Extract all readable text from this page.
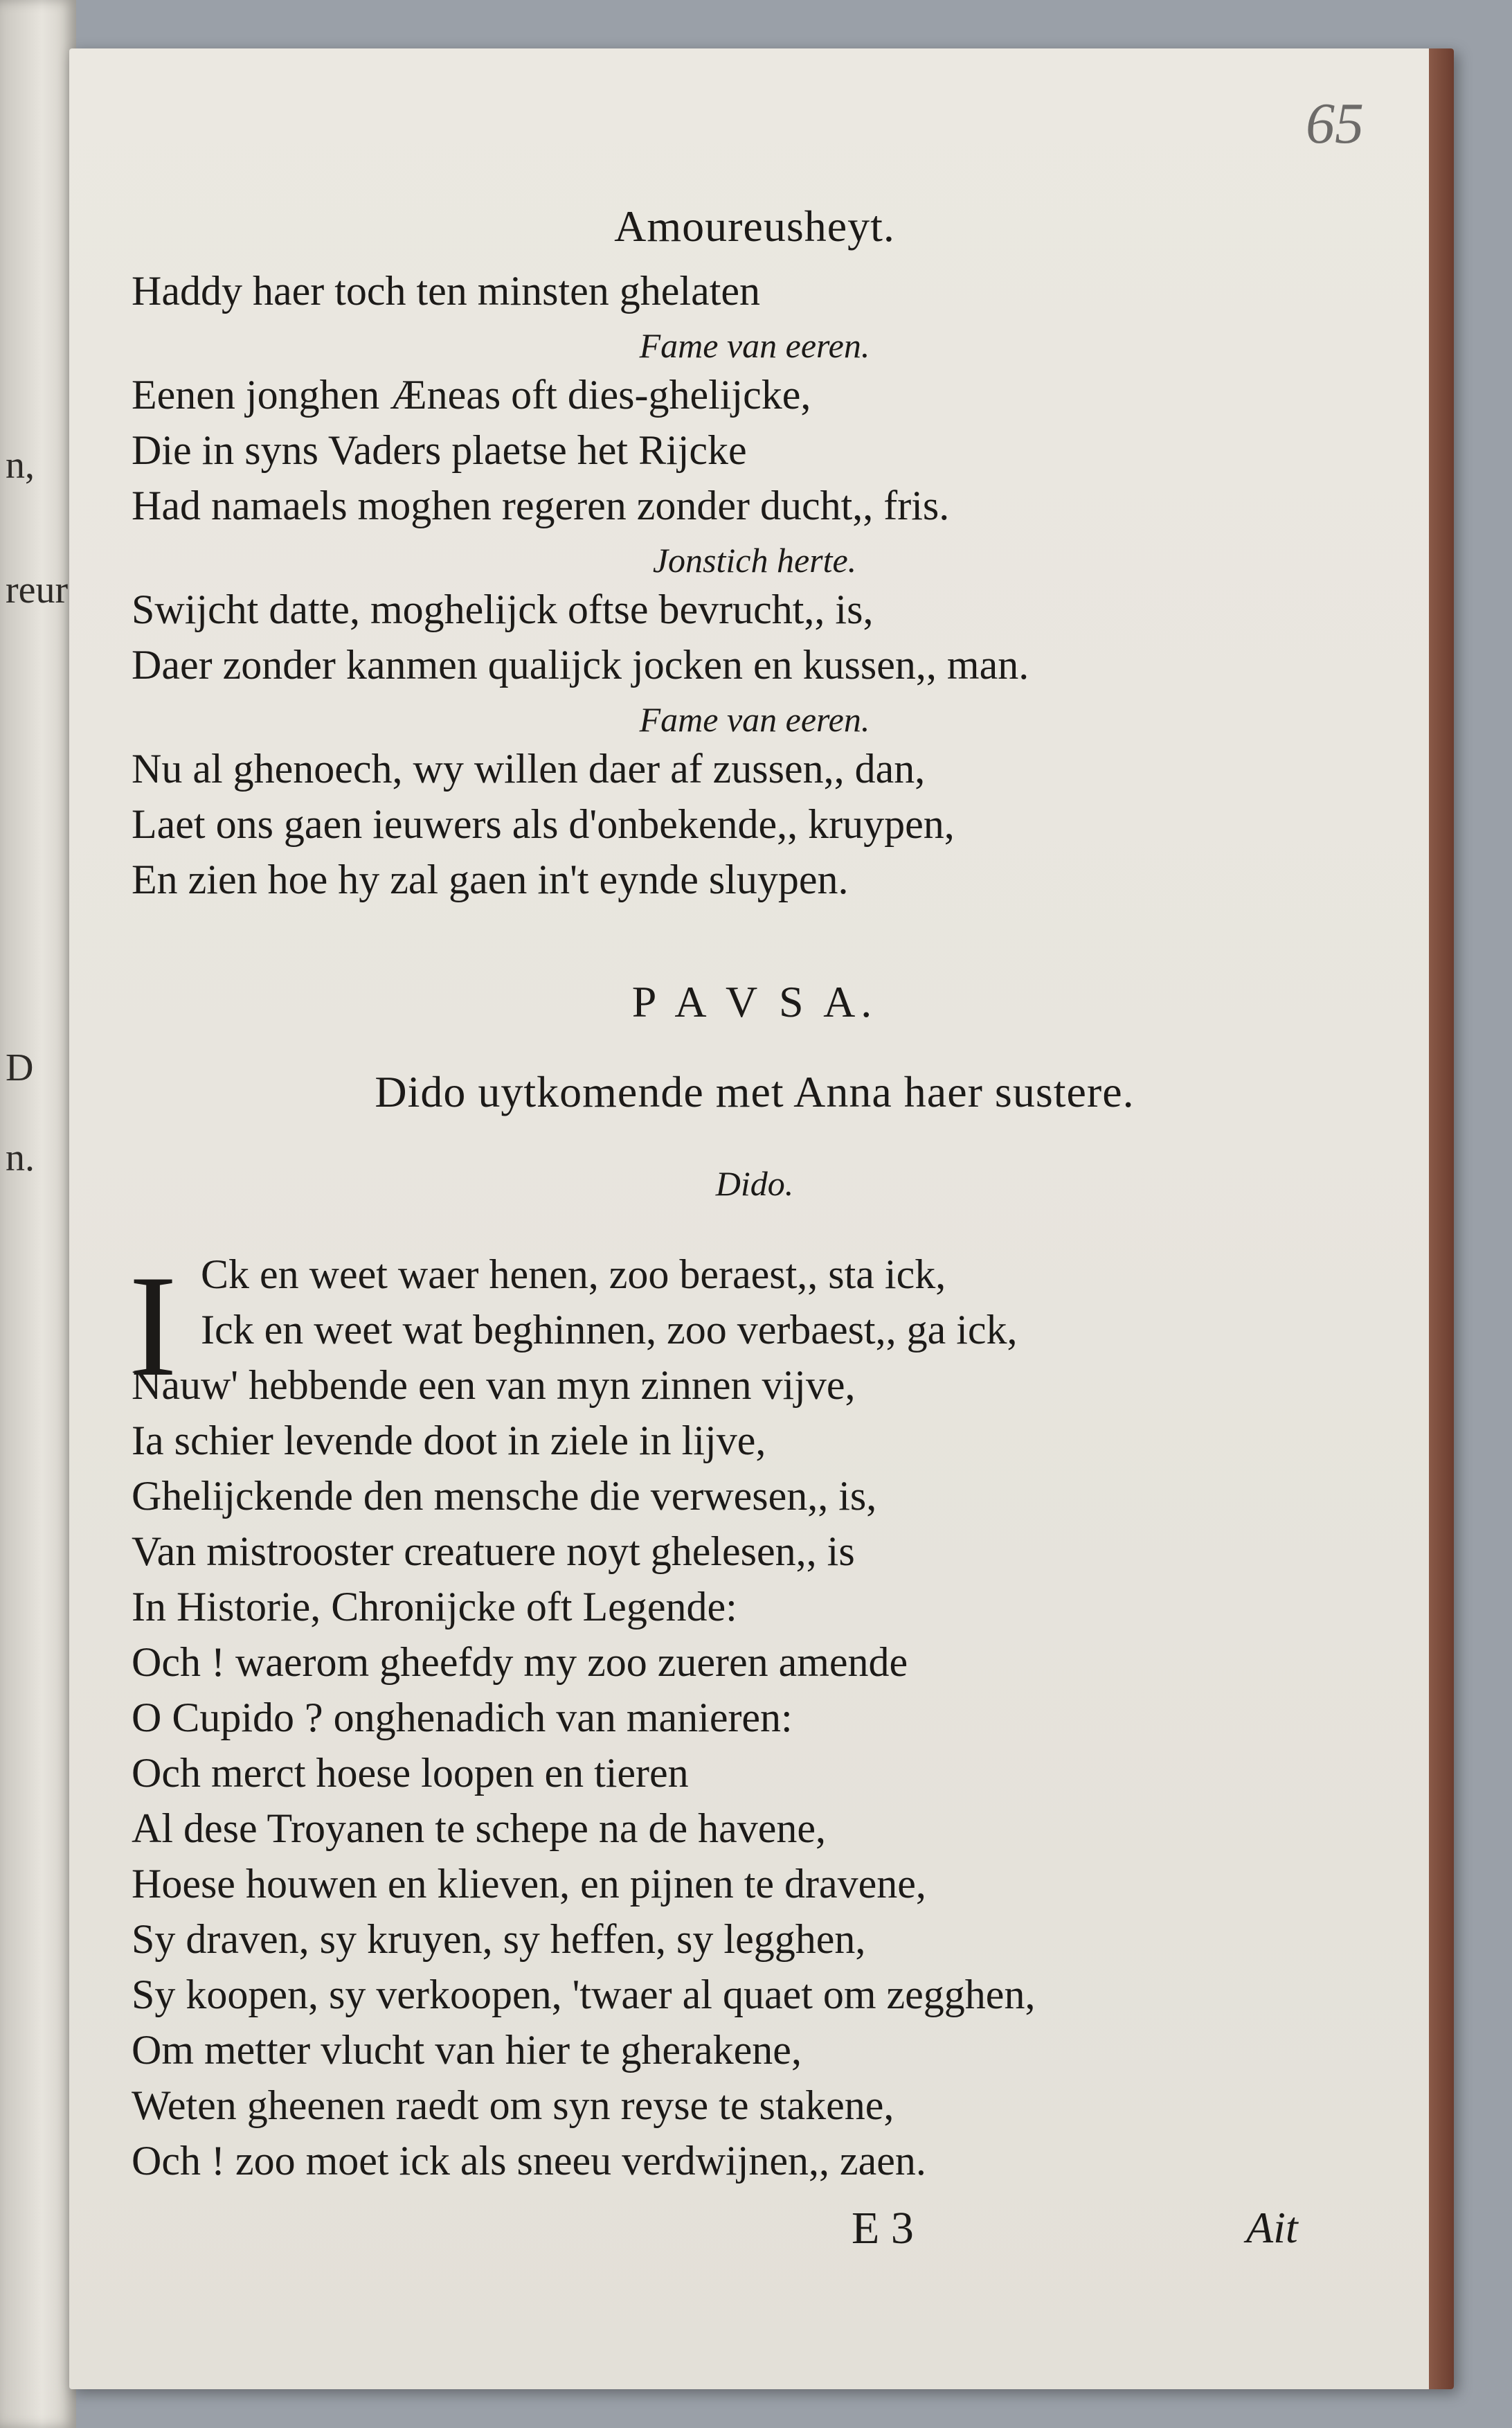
n,
reur
D
n.
65
Amoureusheyt.
Haddy haer toch ten minsten ghelaten
Fame van eeren.
Eenen jonghen Æneas oft dies-ghelijcke,
Die in syns Vaders plaetse het Rijcke
Had namaels moghen regeren zonder ducht,, fris.
Jonstich herte.
Swijcht datte, moghelijck oftse bevrucht,, is,
Daer zonder kanmen qualijck jocken en kussen,, man.
Fame van eeren.
Nu al ghenoech, wy willen daer af zussen,, dan,
Laet ons gaen ieuwers als d'onbekende,, kruypen,
En zien hoe hy zal gaen in't eynde sluypen.
P A V S A.
Dido uytkomende met Anna haer sustere.
Dido.
I Ck en weet waer henen, zoo beraest,, sta ick,
Ick en weet wat beghinnen, zoo verbaest,, ga ick,
Nauw' hebbende een van myn zinnen vijve,
Ia schier levende doot in ziele in lijve,
Ghelijckende den mensche die verwesen,, is,
Van mistrooster creatuere noyt ghelesen,, is
In Historie, Chronijcke oft Legende:
Och ! waerom gheefdy my zoo zueren amende
O Cupido ? onghenadich van manieren:
Och merct hoese loopen en tieren
Al dese Troyanen te schepe na de havene,
Hoese houwen en klieven, en pijnen te dravene,
Sy draven, sy kruyen, sy heffen, sy legghen,
Sy koopen, sy verkoopen, 'twaer al quaet om zegghen,
Om metter vlucht van hier te gherakene,
Weten gheenen raedt om syn reyse te stakene,
Och ! zoo moet ick als sneeu verdwijnen,, zaen.
E 3	Ait
